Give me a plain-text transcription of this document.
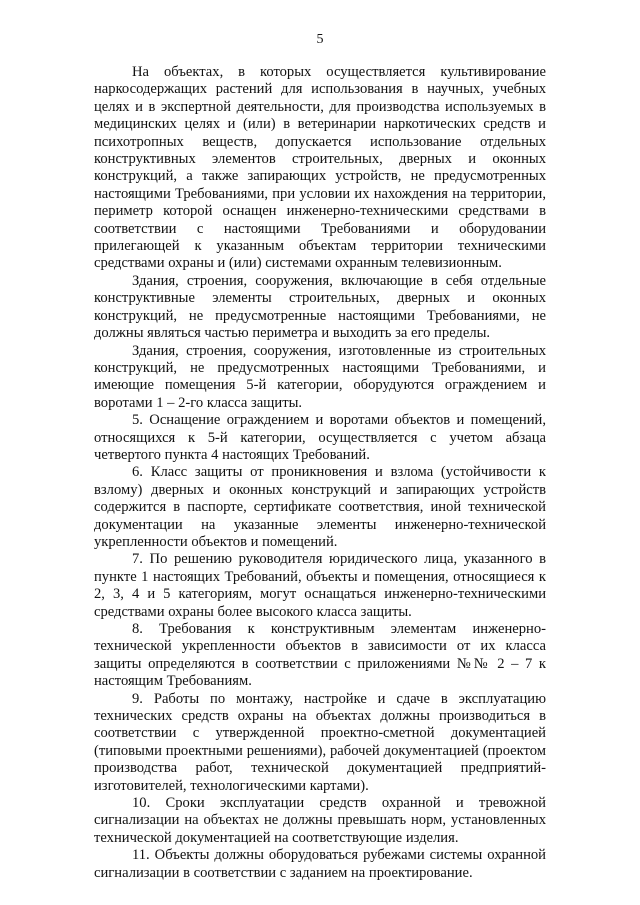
5

На объектах, в которых осуществляется культивирование наркосодержащих растений для использования в научных, учебных целях и в экспертной деятельности, для производства используемых в медицинских целях и (или) в ветеринарии наркотических средств и психотропных веществ, допускается использование отдельных конструктивных элементов строительных, дверных и оконных конструкций, а также запирающих устройств, не предусмотренных настоящими Требованиями, при условии их нахождения на территории, периметр которой оснащен инженерно-техническими средствами в соответствии с настоящими Требованиями и оборудовании прилегающей к указанным объектам территории техническими средствами охраны и (или) системами охранным телевизионным.

Здания, строения, сооружения, включающие в себя отдельные конструктивные элементы строительных, дверных и оконных конструкций, не предусмотренные настоящими Требованиями, не должны являться частью периметра и выходить за его пределы.

Здания, строения, сооружения, изготовленные из строительных конструкций, не предусмотренных настоящими Требованиями, и имеющие помещения 5-й категории, оборудуются ограждением и воротами 1 – 2-го класса защиты.

5. Оснащение ограждением и воротами объектов и помещений, относящихся к 5-й категории, осуществляется с учетом абзаца четвертого пункта 4 настоящих Требований.

6. Класс защиты от проникновения и взлома (устойчивости к взлому) дверных и оконных конструкций и запирающих устройств содержится в паспорте, сертификате соответствия, иной технической документации на указанные элементы инженерно-технической укрепленности объектов и помещений.

7. По решению руководителя юридического лица, указанного в пункте 1 настоящих Требований, объекты и помещения, относящиеся к 2, 3, 4 и 5 категориям, могут оснащаться инженерно-техническими средствами охраны более высокого класса защиты.

8. Требования к конструктивным элементам инженерно-технической укрепленности объектов в зависимости от их класса защиты определяются в соответствии с приложениями №№ 2 – 7 к настоящим Требованиям.

9. Работы по монтажу, настройке и сдаче в эксплуатацию технических средств охраны на объектах должны производиться в соответствии с утвержденной проектно-сметной документацией (типовыми проектными решениями), рабочей документацией (проектом производства работ, технической документацией предприятий-изготовителей, технологическими картами).

10. Сроки эксплуатации средств охранной и тревожной сигнализации на объектах не должны превышать норм, установленных технической документацией на соответствующие изделия.

11. Объекты должны оборудоваться рубежами системы охранной сигнализации в соответствии с заданием на проектирование.
